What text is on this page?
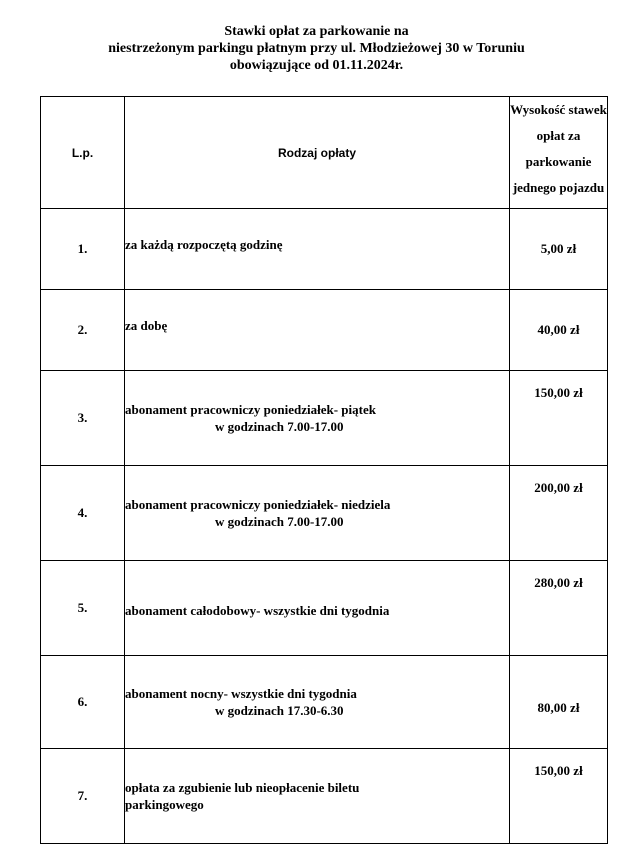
Stawki opłat za parkowanie na
niestrzeżonym parkingu płatnym przy ul. Młodzieżowej 30 w Toruniu
obowiązujące od 01.11.2024r.
L.p.	Rodzaj opłaty	Wysokość stawek
opłat za
parkowanie
jednego pojazdu

1.	za każdą rozpoczętą godzinę	5,00 zł
2.	za dobę	40,00 zł
3.	abonament pracowniczy poniedziałek- piątek
w godzinach 7.00-17.00	150,00 zł
4.	abonament pracowniczy poniedziałek- niedziela
w godzinach 7.00-17.00	200,00 zł
5.	abonament całodobowy- wszystkie dni tygodnia	280,00 zł
6.	abonament nocny- wszystkie dni tygodnia
w godzinach 17.30-6.30	80,00 zł
7.	opłata za zgubienie lub nieopłacenie biletu
parkingowego	150,00 zł
